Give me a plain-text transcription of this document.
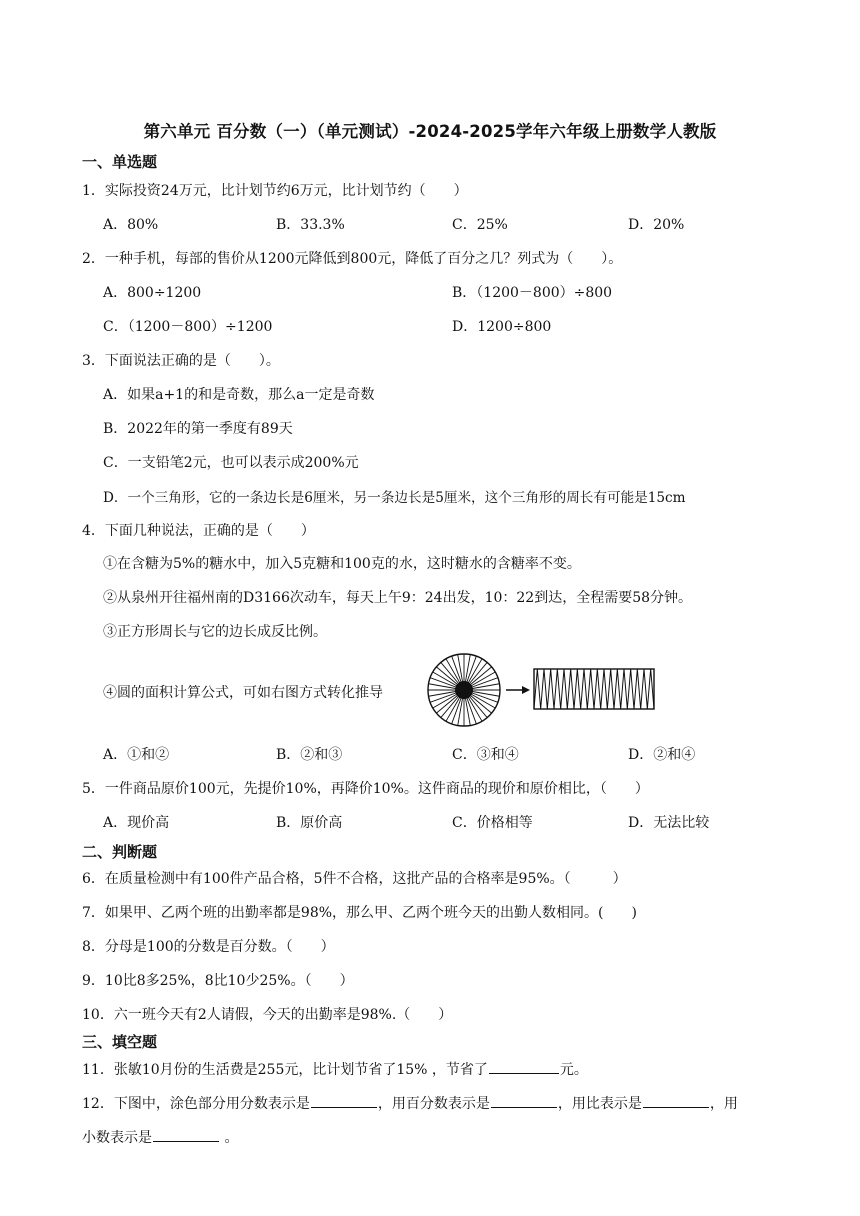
第六单元 百分数（一）（单元测试）-2024-2025学年六年级上册数学人教版
一、单选题
1．实际投资24万元，比计划节约6万元，比计划节约（　　）
A．80%	B．33.3%	C．25%	D．20%
2．一种手机，每部的售价从1200元降低到800元，降低了百分之几？列式为（　　）。
A．800÷1200	B．（1200－800）÷800
C．（1200－800）÷1200	D．1200÷800
3．下面说法正确的是（　　）。
A．如果a+1的和是奇数，那么a一定是奇数
B．2022年的第一季度有89天
C．一支铅笔2元，也可以表示成200%元
D．一个三角形，它的一条边长是6厘米，另一条边长是5厘米，这个三角形的周长有可能是15cm
4．下面几种说法，正确的是（　　）
①在含糖为5%的糖水中，加入5克糖和100克的水，这时糖水的含糖率不变。
②从泉州开往福州南的D3166次动车，每天上午9：24出发，10：22到达，全程需要58分钟。
③正方形周长与它的边长成反比例。
④圆的面积计算公式，可如右图方式转化推导
A．①和②	B．②和③	C．③和④	D．②和④
5．一件商品原价100元，先提价10%，再降价10%。这件商品的现价和原价相比，（　　）
A．现价高	B．原价高	C．价格相等	D．无法比较
二、判断题
6．在质量检测中有100件产品合格，5件不合格，这批产品的合格率是95%。（　　　）
7．如果甲、乙两个班的出勤率都是98%，那么甲、乙两个班今天的出勤人数相同。(　　)
8．分母是100的分数是百分数。（　　）
9．10比8多25%，8比10少25%。（　　）
10．六一班今天有2人请假，今天的出勤率是98%.（　　）
三、填空题
11．张敏10月份的生活费是255元，比计划节省了15% ，节省了	元。
12．下图中，涂色部分用分数表示是	，用百分数表示是	，用比表示是	，用
小数表示是	。
